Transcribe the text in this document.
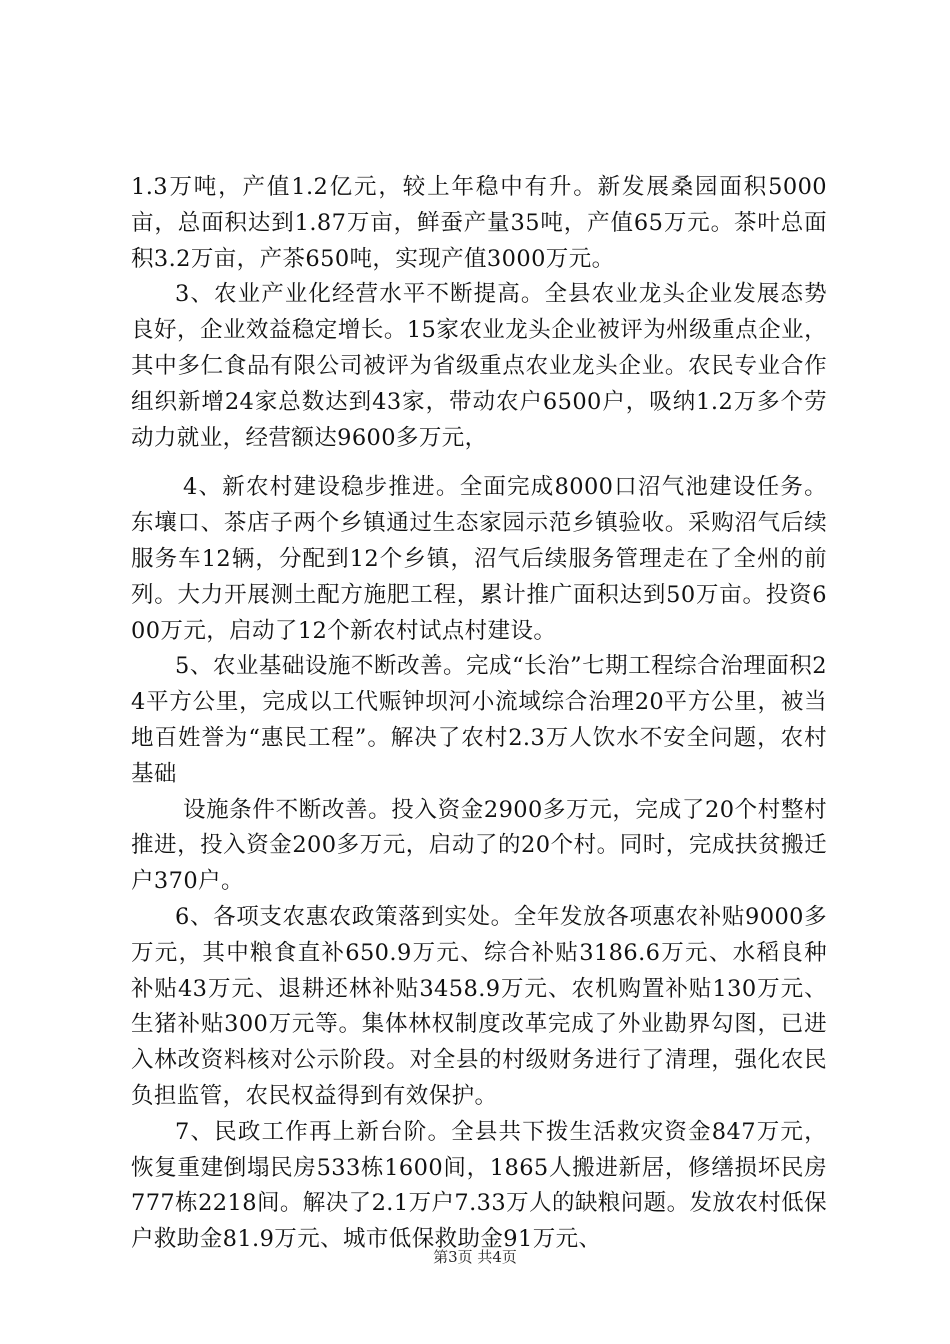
1.3万吨，产值1.2亿元，较上年稳中有升。新发展桑园面积5000亩，总面积达到1.87万亩，鲜蚕产量35吨，产值65万元。茶叶总面积3.2万亩，产茶650吨，实现产值3000万元。

3、农业产业化经营水平不断提高。全县农业龙头企业发展态势良好，企业效益稳定增长。15家农业龙头企业被评为州级重点企业，其中多仁食品有限公司被评为省级重点农业龙头企业。农民专业合作组织新增24家总数达到43家，带动农户6500户，吸纳1.2万多个劳动力就业，经营额达9600多万元，

4、新农村建设稳步推进。全面完成8000口沼气池建设任务。东壤口、茶店子两个乡镇通过生态家园示范乡镇验收。采购沼气后续服务车12辆，分配到12个乡镇，沼气后续服务管理走在了全州的前列。大力开展测土配方施肥工程，累计推广面积达到50万亩。投资600万元，启动了12个新农村试点村建设。

5、农业基础设施不断改善。完成“长治”七期工程综合治理面积24平方公里，完成以工代赈钟坝河小流域综合治理20平方公里，被当地百姓誉为“惠民工程”。解决了农村2.3万人饮水不安全问题，农村基础

设施条件不断改善。投入资金2900多万元，完成了20个村整村推进，投入资金200多万元，启动了的20个村。同时，完成扶贫搬迁户370户。

6、各项支农惠农政策落到实处。全年发放各项惠农补贴9000多万元，其中粮食直补650.9万元、综合补贴3186.6万元、水稻良种补贴43万元、退耕还林补贴3458.9万元、农机购置补贴130万元、生猪补贴300万元等。集体林权制度改革完成了外业勘界勾图，已进入林改资料核对公示阶段。对全县的村级财务进行了清理，强化农民负担监管，农民权益得到有效保护。

7、民政工作再上新台阶。全县共下拨生活救灾资金847万元，恢复重建倒塌民房533栋1600间，1865人搬进新居，修缮损坏民房777栋2218间。解决了2.1万户7.33万人的缺粮问题。发放农村低保户救助金81.9万元、城市低保救助金91万元、

第3页 共4页
